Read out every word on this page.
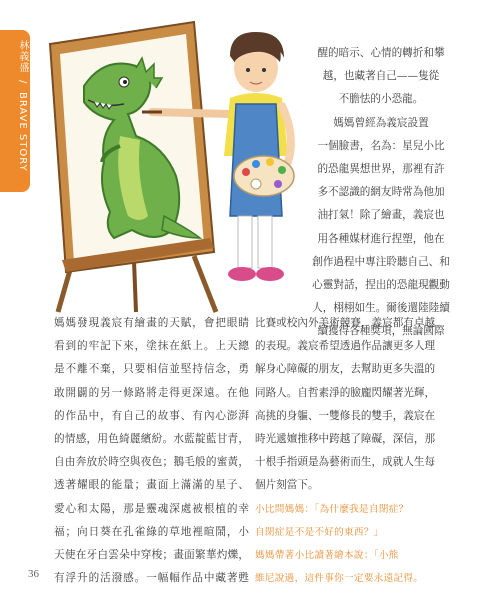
林義盛 / BRAVE STORY
醒的暗示、心情的轉折和攀
越，也藏著自己——隻從
不膽怯的小恐龍。
媽媽曾經為義宸設置
一個臉書，名為：星兒小比
的恐龍異想世界，那裡有許
多不認識的網友時常為他加
油打氣！除了繪畫，義宸也
用各種媒材進行捏塑，他在
創作過程中專注聆聽自己、和
心靈對話，捏出的恐龍現觀動
人，栩栩如生。爾後還陸陸續
續獲得各種獎項，無論國際
媽媽發現義宸有繪畫的天賦，會把眼睛
看到的牢記下來，塗抹在紙上。上天總
是不離不棄，只要相信並堅持信念，勇
敢開闢的另一條路將走得更深遠。在他
的作品中，有自己的故事、有內心澎湃
的情感，用色綺麗繽紛。水藍靛藍甘青，
自由奔放於時空與夜色；鵝毛般的蜜黃，
透著耀眼的能量；畫面上滿滿的星子、
愛心和太陽，那是靈魂深處被根植的幸
福；向日葵在孔雀綠的草地裡暄鬧，小
天使在牙白雲朵中穿梭；畫面繁華灼爍，
有浮升的活潑感。一幅幅作品中藏著甦
比賽或校內外美術競賽，義宸都有卓越
的表現。義宸希望透過作品讓更多人理
解身心障礙的朋友，去幫助更多失溫的
同路人。自哲素淨的臉龐閃耀著光輝，
高挑的身軀、一雙修長的雙手，義宸在
時光遞嬗推移中跨越了障礙，深信，那
十根手指頭是為藝術而生，成就人生每
個片刻當下。
小比問媽媽：「為什麼我是自閉症？
自閉症是不是不好的東西？」
媽媽帶著小比讀著繪本說：「小熊
維尼說過，這件事你一定要永遠記得。
36
